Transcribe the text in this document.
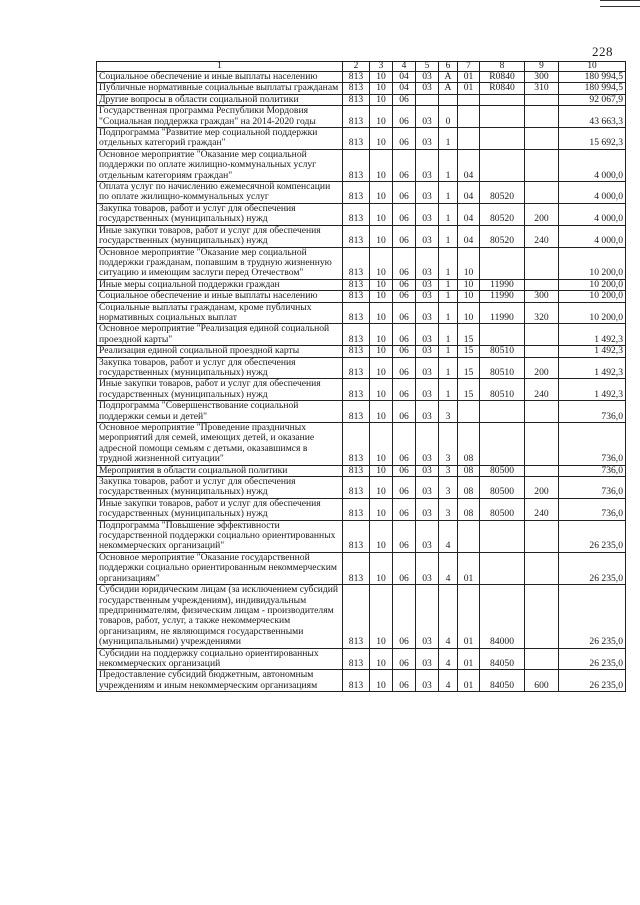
228
1	2	3	4	5	6	7	8	9	10
Социальное обеспечение и иные выплаты населению	813	10	04	03	А	01	R0840	300	180 994,5
Публичные нормативные социальные выплаты гражданам	813	10	04	03	А	01	R0840	310	180 994,5
Другие вопросы в области социальной политики	813	10	06						92 067,9
Государственная программа Республики Мордовия "Социальная поддержка граждан" на 2014-2020 годы	813	10	06	03	0				43 663,3
Подпрограмма "Развитие мер социальной поддержки отдельных категорий граждан"	813	10	06	03	1				15 692,3
Основное мероприятие "Оказание мер социальной поддержки по оплате жилищно-коммунальных услуг отдельным категориям граждан"	813	10	06	03	1	04			4 000,0
Оплата услуг по начислению ежемесячной компенсации по оплате жилищно-коммунальных услуг	813	10	06	03	1	04	80520		4 000,0
Закупка товаров, работ и услуг для обеспечения государственных (муниципальных) нужд	813	10	06	03	1	04	80520	200	4 000,0
Иные закупки товаров, работ и услуг для обеспечения государственных (муниципальных) нужд	813	10	06	03	1	04	80520	240	4 000,0
Основное мероприятие "Оказание мер социальной поддержки гражданам, попавшим в трудную жизненную ситуацию и имеющим заслуги перед Отечеством"	813	10	06	03	1	10			10 200,0
Иные меры социальной поддержки граждан	813	10	06	03	1	10	11990		10 200,0
Социальное обеспечение и иные выплаты населению	813	10	06	03	1	10	11990	300	10 200,0
Социальные выплаты гражданам, кроме публичных нормативных социальных выплат	813	10	06	03	1	10	11990	320	10 200,0
Основное мероприятие "Реализация единой социальной проездной карты"	813	10	06	03	1	15			1 492,3
Реализация единой социальной проездной карты	813	10	06	03	1	15	80510		1 492,3
Закупка товаров, работ и услуг для обеспечения государственных (муниципальных) нужд	813	10	06	03	1	15	80510	200	1 492,3
Иные закупки товаров, работ и услуг для обеспечения государственных (муниципальных) нужд	813	10	06	03	1	15	80510	240	1 492,3
Подпрограмма "Совершенствование социальной поддержки семьи и детей"	813	10	06	03	3				736,0
Основное мероприятие "Проведение праздничных мероприятий для семей, имеющих детей, и оказание адресной помощи семьям с детьми, оказавшимся в трудной жизненной ситуации"	813	10	06	03	3	08			736,0
Мероприятия в области социальной политики	813	10	06	03	3	08	80500		736,0
Закупка товаров, работ и услуг для обеспечения государственных (муниципальных) нужд	813	10	06	03	3	08	80500	200	736,0
Иные закупки товаров, работ и услуг для обеспечения государственных (муниципальных) нужд	813	10	06	03	3	08	80500	240	736,0
Подпрограмма "Повышение эффективности государственной поддержки социально ориентированных некоммерческих организаций"	813	10	06	03	4				26 235,0
Основное мероприятие "Оказание государственной поддержки социально ориентированным некоммерческим организациям"	813	10	06	03	4	01			26 235,0
Субсидии юридическим лицам (за исключением субсидий государственным учреждениям), индивидуальным предпринимателям, физическим лицам - производителям товаров, работ, услуг, а также некоммерческим организациям, не являющимся государственными (муниципальными) учреждениями	813	10	06	03	4	01	84000		26 235,0
Субсидии на поддержку социально ориентированных некоммерческих организаций	813	10	06	03	4	01	84050		26 235,0
Предоставление субсидий бюджетным, автономным учреждениям и иным некоммерческим организациям	813	10	06	03	4	01	84050	600	26 235,0
